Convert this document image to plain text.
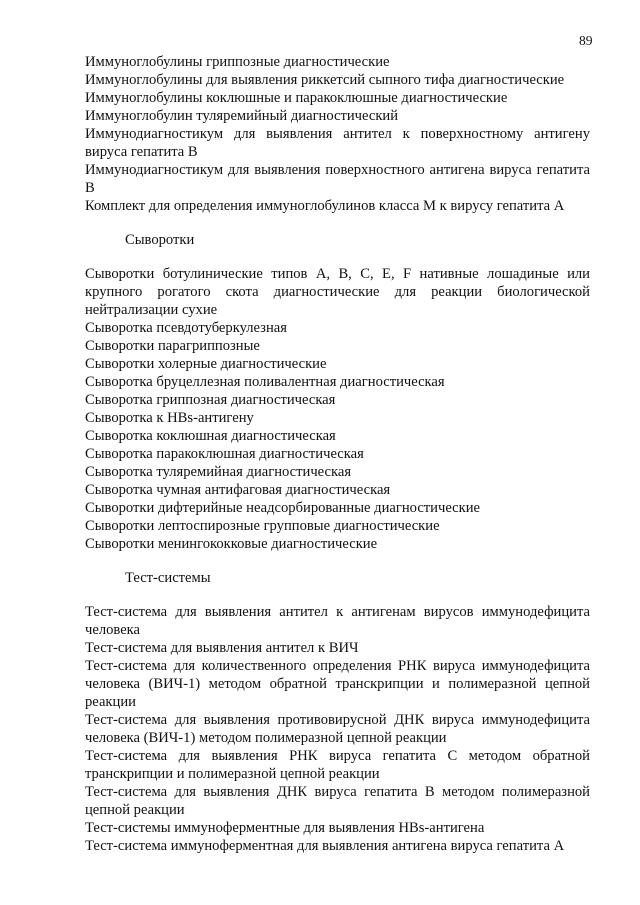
89

Иммуноглобулины гриппозные диагностические

Иммуноглобулины для выявления риккетсий сыпного тифа диагностические

Иммуноглобулины коклюшные и паракоклюшные диагностические

Иммуноглобулин туляремийный диагностический

Иммунодиагностикум для выявления антител к поверхностному антигену вируса гепатита В

Иммунодиагностикум для выявления поверхностного антигена вируса гепатита В

Комплект для определения иммуноглобулинов класса М к вирусу гепатита А

Сыворотки

Сыворотки ботулинические типов А, В, С, Е, F нативные лошадиные или крупного рогатого скота диагностические для реакции биологической нейтрализации сухие

Сыворотка псевдотуберкулезная

Сыворотки парагриппозные

Сыворотки холерные диагностические

Сыворотка бруцеллезная поливалентная диагностическая

Сыворотка гриппозная диагностическая

Сыворотка к HBs-антигену

Сыворотка коклюшная диагностическая

Сыворотка паракоклюшная диагностическая

Сыворотка туляремийная диагностическая

Сыворотка чумная антифаговая диагностическая

Сыворотки дифтерийные неадсорбированные диагностические

Сыворотки лептоспирозные групповые диагностические

Сыворотки менингококковые диагностические

Тест-системы

Тест-система для выявления антител к антигенам вирусов иммунодефицита человека

Тест-система для выявления антител к ВИЧ

Тест-система для количественного определения РНК вируса иммунодефицита человека (ВИЧ-1) методом обратной транскрипции и полимеразной цепной реакции

Тест-система для выявления противовирусной ДНК вируса иммунодефицита человека (ВИЧ-1) методом полимеразной цепной реакции

Тест-система для выявления РНК вируса гепатита С методом обратной транскрипции и полимеразной цепной реакции

Тест-система для выявления ДНК вируса гепатита В методом полимеразной цепной реакции

Тест-системы иммуноферментные для выявления HBs-антигена

Тест-система иммуноферментная для выявления антигена вируса гепатита А
